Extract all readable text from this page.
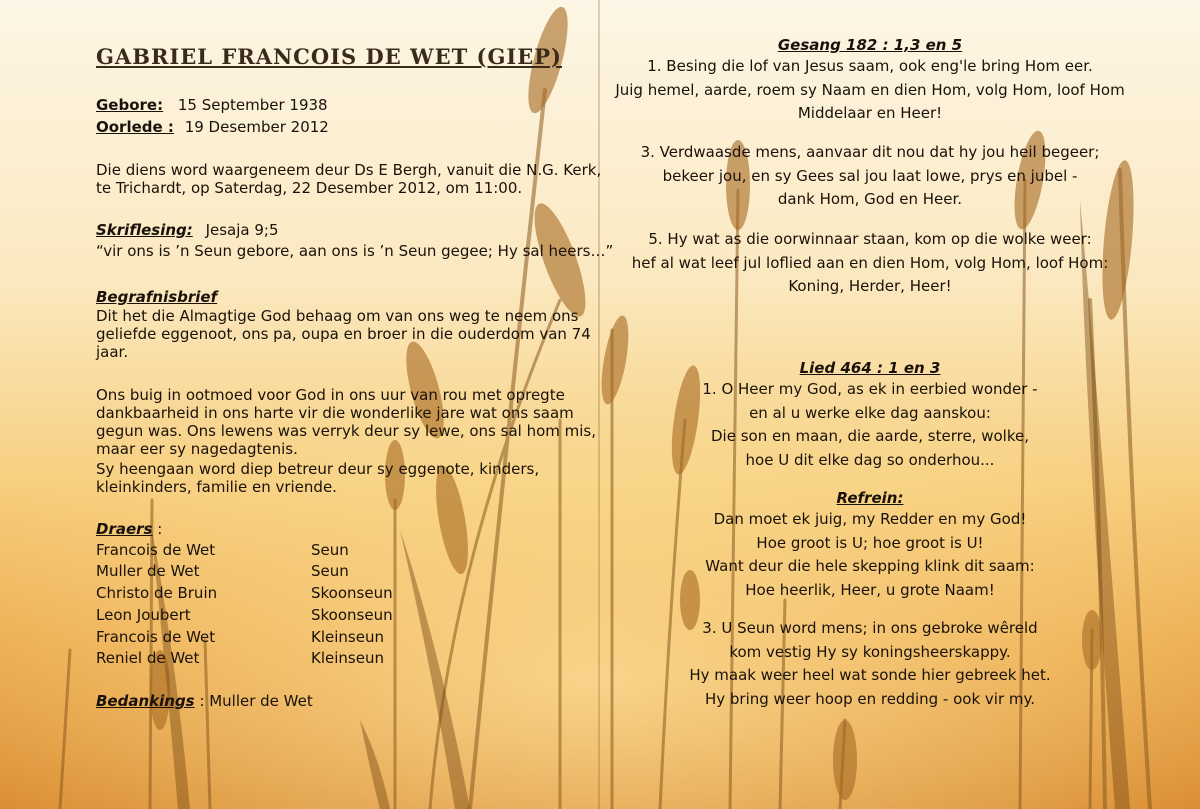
GABRIEL FRANCOIS DE WET (GIEP)
Gebore: 15 September 1938
Oorlede : 19 Desember 2012
Die diens word waargeneem deur Ds E Bergh, vanuit die N.G. Kerk,
te Trichardt, op Saterdag, 22 Desember 2012, om 11:00.
Skriflesing: Jesaja 9;5
“vir ons is ’n Seun gebore, aan ons is ’n Seun gegee; Hy sal heers…”
Begrafnisbrief
Dit het die Almagtige God behaag om van ons weg te neem ons
geliefde eggenoot, ons pa, oupa en broer in die ouderdom van 74
jaar.
Ons buig in ootmoed voor God in ons uur van rou met opregte
dankbaarheid in ons harte vir die wonderlike jare wat ons saam
gegun was. Ons lewens was verryk deur sy lewe, ons sal hom mis,
maar eer sy nagedagtenis.
Sy heengaan word diep betreur deur sy eggenote, kinders,
kleinkinders, familie en vriende.
Draers :
Francois de Wet	Seun
Muller de Wet	Seun
Christo de Bruin	Skoonseun
Leon Joubert	Skoonseun
Francois de Wet	Kleinseun
Reniel de Wet	Kleinseun
Bedankings : Muller de Wet
Gesang 182 : 1,3 en 5
1. Besing die lof van Jesus saam, ook eng'le bring Hom eer.
Juig hemel, aarde, roem sy Naam en dien Hom, volg Hom, loof Hom
Middelaar en Heer!
3. Verdwaasde mens, aanvaar dit nou dat hy jou heil begeer;
bekeer jou, en sy Gees sal jou laat lowe, prys en jubel -
dank Hom, God en Heer.
5. Hy wat as die oorwinnaar staan, kom op die wolke weer:
hef al wat leef jul loflied aan en dien Hom, volg Hom, loof Hom:
Koning, Herder, Heer!
Lied 464 : 1 en 3
1. O Heer my God, as ek in eerbied wonder -
en al u werke elke dag aanskou:
Die son en maan, die aarde, sterre, wolke,
hoe U dit elke dag so onderhou...
Refrein:
Dan moet ek juig, my Redder en my God!
Hoe groot is U; hoe groot is U!
Want deur die hele skepping klink dit saam:
Hoe heerlik, Heer, u grote Naam!
3. U Seun word mens; in ons gebroke wêreld
kom vestig Hy sy koningsheerskappy.
Hy maak weer heel wat sonde hier gebreek het.
Hy bring weer hoop en redding - ook vir my.
